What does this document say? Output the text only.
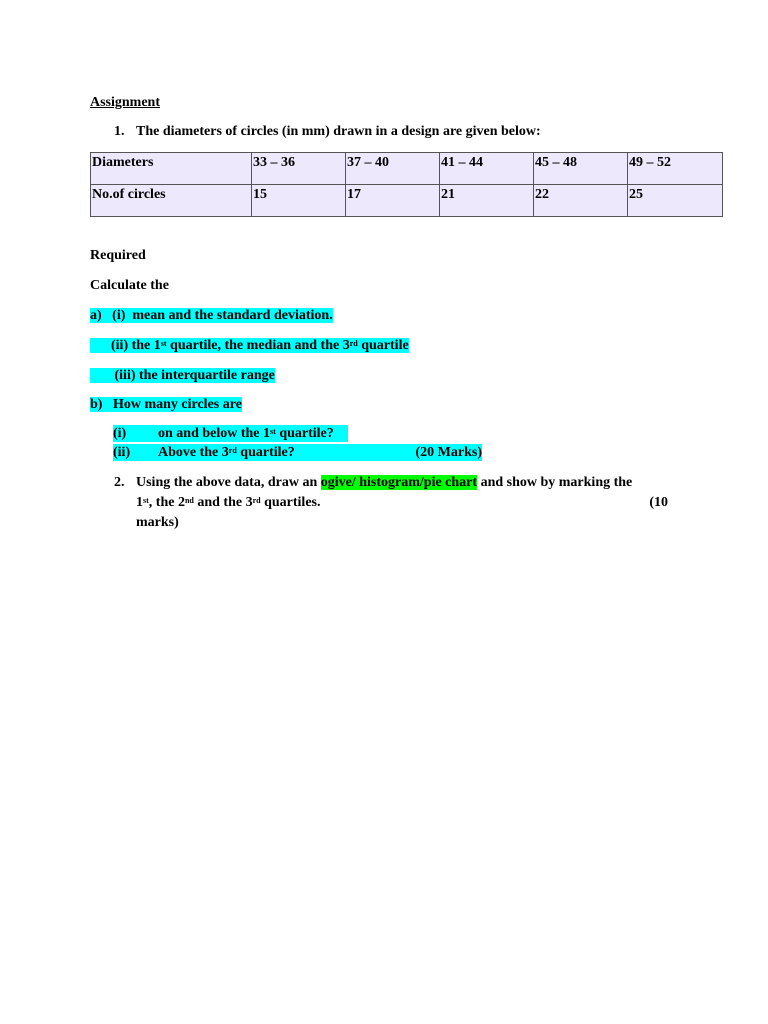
Assignment
1. The diameters of circles (in mm) drawn in a design are given below:
Diameters	33 – 36	37 – 40	41 – 44	45 – 48	49 – 52
No.of circles	15	17	21	22	25
Required
Calculate the
a) (i) mean and the standard deviation.
(ii) the 1st quartile, the median and the 3rd quartile
(iii) the interquartile range
b) How many circles are
(i) on and below the 1st quartile?
(ii) Above the 3rd quartile?	(20 Marks)
2. Using the above data, draw an ogive/ histogram/pie chart and show by marking the
1st, the 2nd and the 3rd quartiles.	(10
marks)
